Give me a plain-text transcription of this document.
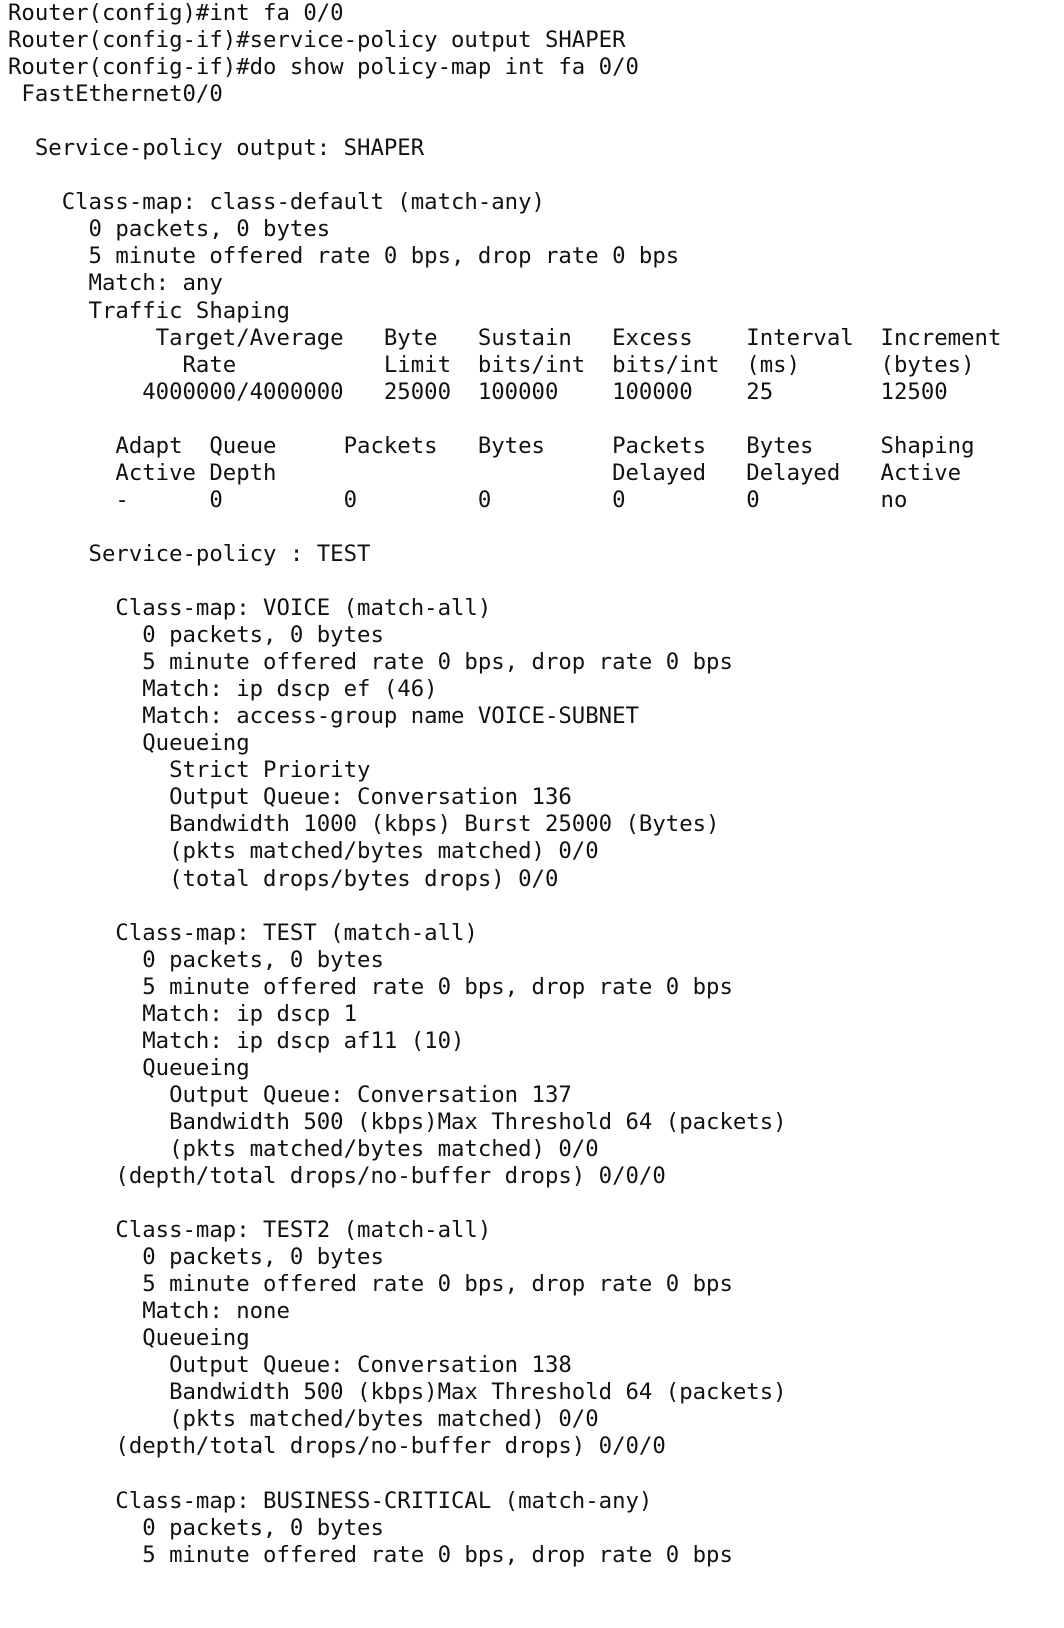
Router(config)#int fa 0/0
Router(config-if)#service-policy output SHAPER
Router(config-if)#do show policy-map int fa 0/0
FastEthernet0/0
Service-policy output: SHAPER
Class-map: class-default (match-any)
0 packets, 0 bytes
5 minute offered rate 0 bps, drop rate 0 bps
Match: any
Traffic Shaping
Target/Average   Byte   Sustain   Excess    Interval  Increment
Rate           Limit  bits/int  bits/int  (ms)      (bytes)
4000000/4000000   25000  100000    100000    25        12500
Adapt  Queue     Packets   Bytes     Packets   Bytes     Shaping
Active Depth                         Delayed   Delayed   Active
-      0         0         0         0         0         no
Service-policy : TEST
Class-map: VOICE (match-all)
0 packets, 0 bytes
5 minute offered rate 0 bps, drop rate 0 bps
Match: ip dscp ef (46)
Match: access-group name VOICE-SUBNET
Queueing
Strict Priority
Output Queue: Conversation 136
Bandwidth 1000 (kbps) Burst 25000 (Bytes)
(pkts matched/bytes matched) 0/0
(total drops/bytes drops) 0/0
Class-map: TEST (match-all)
0 packets, 0 bytes
5 minute offered rate 0 bps, drop rate 0 bps
Match: ip dscp 1
Match: ip dscp af11 (10)
Queueing
Output Queue: Conversation 137
Bandwidth 500 (kbps)Max Threshold 64 (packets)
(pkts matched/bytes matched) 0/0
(depth/total drops/no-buffer drops) 0/0/0
Class-map: TEST2 (match-all)
0 packets, 0 bytes
5 minute offered rate 0 bps, drop rate 0 bps
Match: none
Queueing
Output Queue: Conversation 138
Bandwidth 500 (kbps)Max Threshold 64 (packets)
(pkts matched/bytes matched) 0/0
(depth/total drops/no-buffer drops) 0/0/0
Class-map: BUSINESS-CRITICAL (match-any)
0 packets, 0 bytes
5 minute offered rate 0 bps, drop rate 0 bps
